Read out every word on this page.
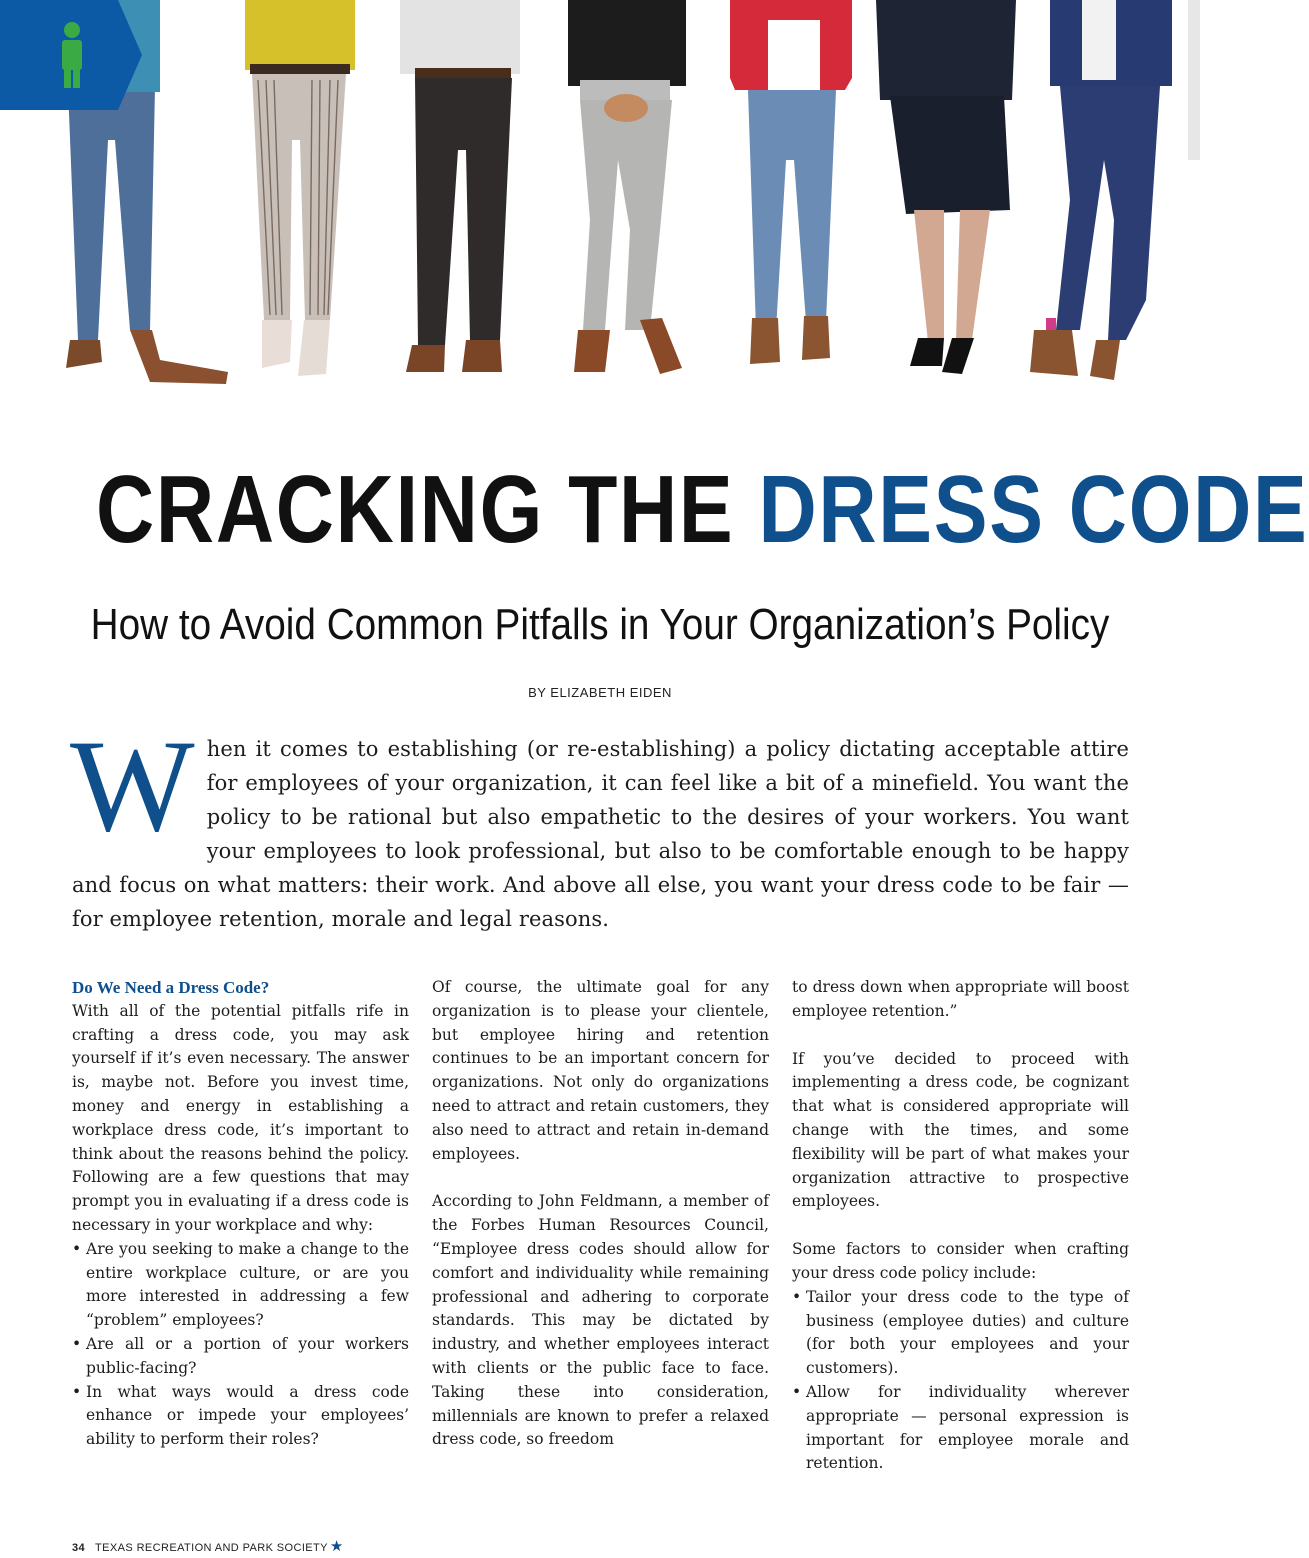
CRACKING THE DRESS CODE
How to Avoid Common Pitfalls in Your Organization’s Policy
BY ELIZABETH EIDEN
When it comes to establishing (or re-establishing) a policy dictating acceptable attire for employees of your organization, it can feel like a bit of a minefield. You want the policy to be rational but also empathetic to the desires of your workers. You want your employees to look professional, but also to be comfortable enough to be happy and focus on what matters: their work. And above all else, you want your dress code to be fair — for employee retention, morale and legal reasons.
Do We Need a Dress Code?

With all of the potential pitfalls rife in crafting a dress code, you may ask yourself if it’s even necessary. The answer is, maybe not. Before you invest time, money and energy in establishing a workplace dress code, it’s important to think about the reasons behind the policy. Following are a few questions that may prompt you in evaluating if a dress code is necessary in your workplace and why:

• Are you seeking to make a change to the entire workplace culture, or are you more interested in addressing a few “problem” employees?
• Are all or a portion of your workers public-facing?
• In what ways would a dress code enhance or impede your employees’ ability to perform their roles?

Of course, the ultimate goal for any organization is to please your clientele, but employee hiring and retention continues to be an important concern for organizations. Not only do organizations need to attract and retain customers, they also need to attract and retain in-demand employees.

According to John Feldmann, a member of the Forbes Human Resources Council, “Employee dress codes should allow for comfort and individuality while remaining professional and adhering to corporate standards. This may be dictated by industry, and whether employees interact with clients or the public face to face. Taking these into consideration, millennials are known to prefer a relaxed dress code, so freedom

to dress down when appropriate will boost employee retention.”

If you’ve decided to proceed with implementing a dress code, be cognizant that what is considered appropriate will change with the times, and some flexibility will be part of what makes your organization attractive to prospective employees.

Some factors to consider when crafting your dress code policy include:

• Tailor your dress code to the type of business (employee duties) and culture (for both your employees and your customers).
• Allow for individuality wherever appropriate — personal expression is important for employee morale and retention.
34 TEXAS RECREATION AND PARK SOCIETY ★
